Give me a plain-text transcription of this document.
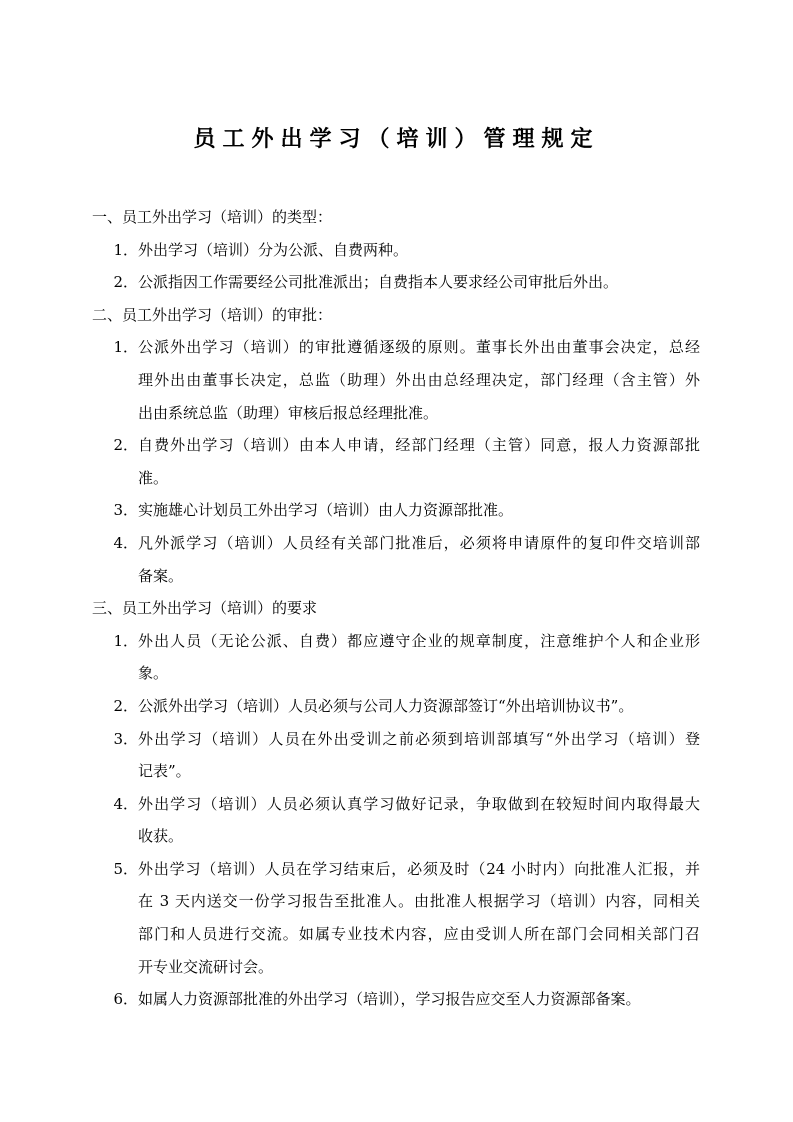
员工外出学习（培训）管理规定
一、员工外出学习（培训）的类型：
1． 外出学习（培训）分为公派、自费两种。
2． 公派指因工作需要经公司批准派出；自费指本人要求经公司审批后外出。
二、员工外出学习（培训）的审批：
1． 公派外出学习（培训）的审批遵循逐级的原则。董事长外出由董事会决定，总经
理外出由董事长决定，总监（助理）外出由总经理决定，部门经理（含主管）外
出由系统总监（助理）审核后报总经理批准。
2． 自费外出学习（培训）由本人申请，经部门经理（主管）同意，报人力资源部批
准。
3． 实施雄心计划员工外出学习（培训）由人力资源部批准。
4． 凡外派学习（培训）人员经有关部门批准后，必须将申请原件的复印件交培训部
备案。
三、员工外出学习（培训）的要求
1． 外出人员（无论公派、自费）都应遵守企业的规章制度，注意维护个人和企业形
象。
2． 公派外出学习（培训）人员必须与公司人力资源部签订“外出培训协议书”。
3． 外出学习（培训）人员在外出受训之前必须到培训部填写“外出学习（培训）登
记表”。
4． 外出学习（培训）人员必须认真学习做好记录，争取做到在较短时间内取得最大
收获。
5． 外出学习（培训）人员在学习结束后，必须及时（24 小时内）向批准人汇报，并
在 3 天内送交一份学习报告至批准人。由批准人根据学习（培训）内容，同相关
部门和人员进行交流。如属专业技术内容，应由受训人所在部门会同相关部门召
开专业交流研讨会。
6． 如属人力资源部批准的外出学习（培训），学习报告应交至人力资源部备案。
